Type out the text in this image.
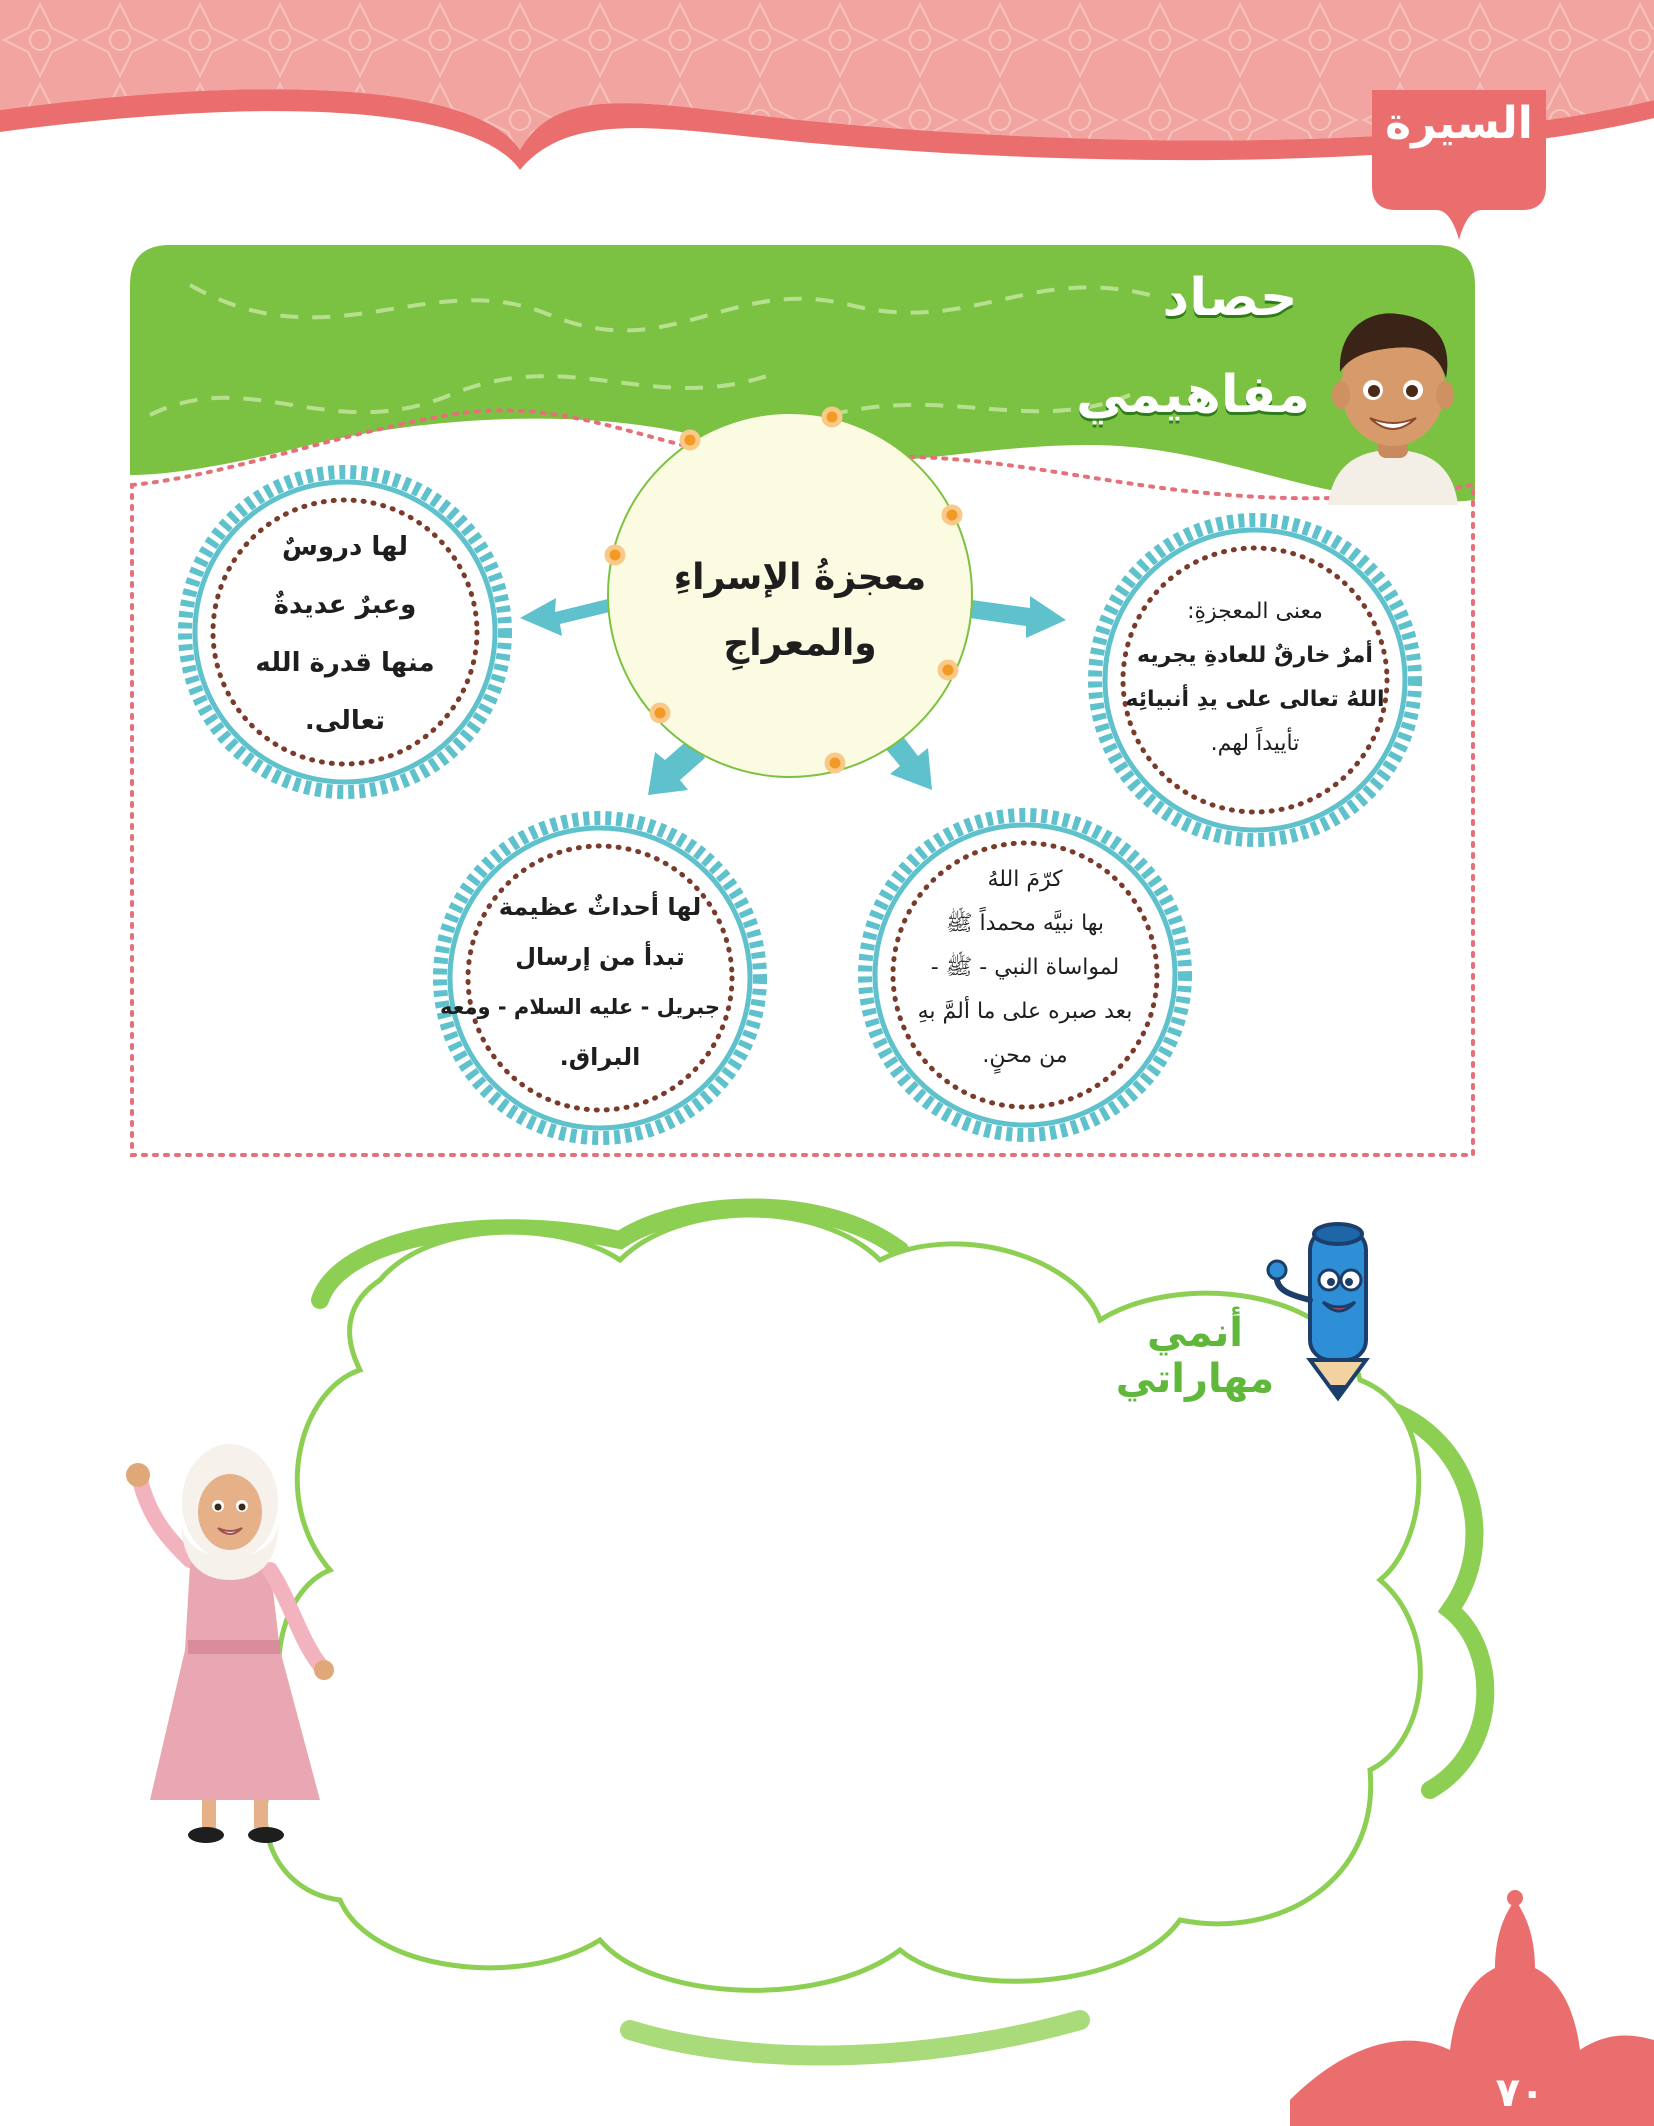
السيرة
حصاد
مفاهيمي
معجزةُ الإسراءِ
والمعراجِ
لها دروسٌ
وعبرٌ عديدةٌ
منها قدرة الله
تعالى.
معنى المعجزةِ:
أمرٌ خارقٌ للعادةِ يجريه
اللهُ تعالى على يدِ أنبيائِه
تأييداً لهم.
كرّمَ اللهُ
بها نبيَّه محمداً ﷺ
لمواساة النبي - ﷺ -
بعد صبره على ما ألمَّ بهِ
من محنٍ.
لها أحداثٌ عظيمة
تبدأ من إرسال
جبريل - عليه السلام - ومعه
البراق.
أنمي
مهاراتي
٧٠
